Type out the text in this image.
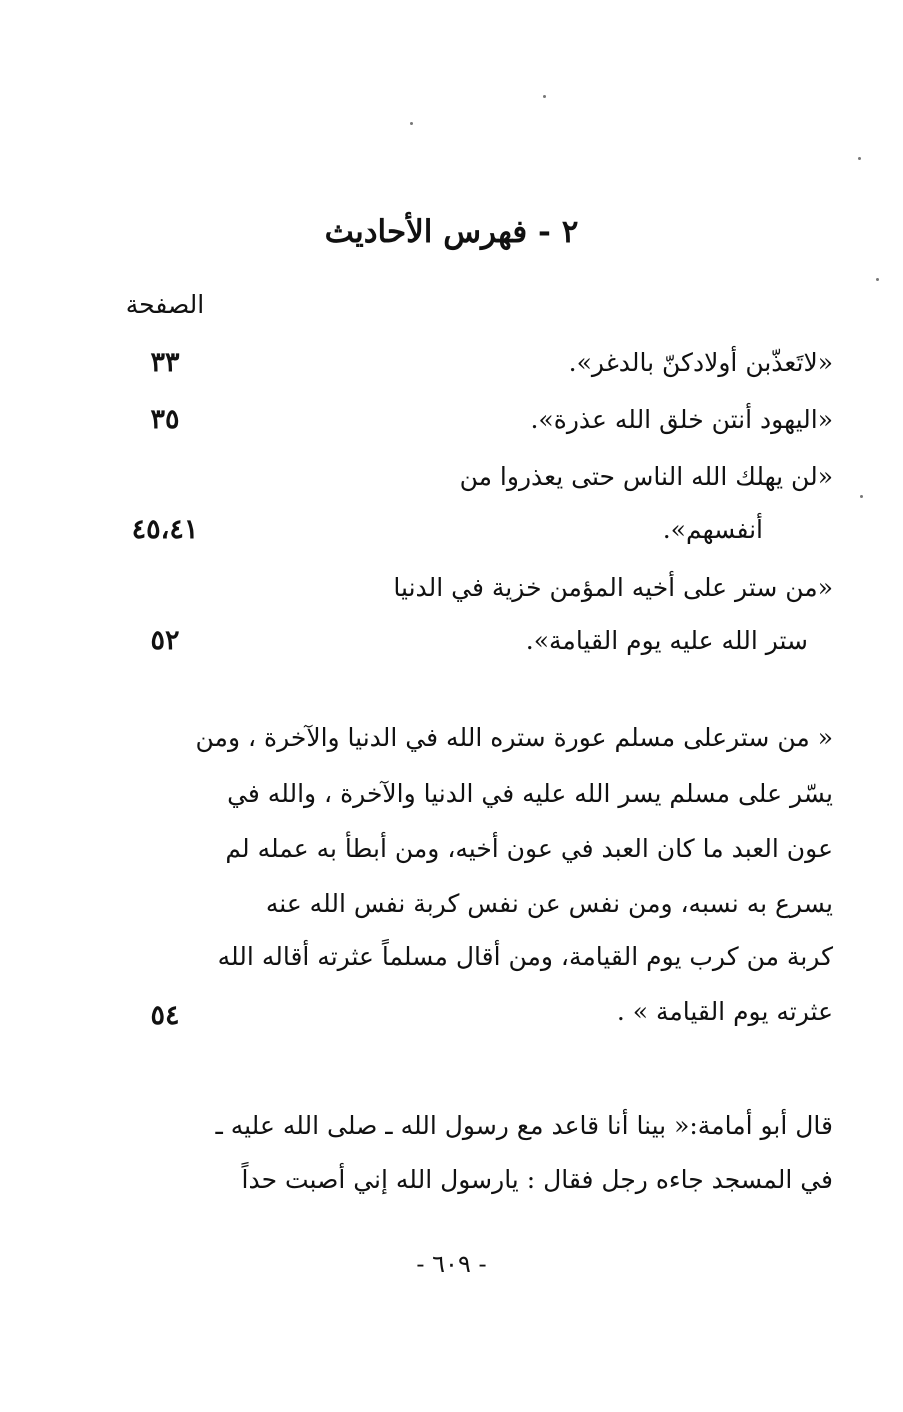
٢ - فهرس الأحاديث
الصفحة
«لاتَعذّبن أولادكنّ بالدغر».
٣٣
«اليهود أنتن خلق الله عذرة».
٣٥
«لن يهلك الله الناس حتى يعذروا من
أنفسهم».
٤٥،٤١
«من ستر على أخيه المؤمن خزية في الدنيا
ستر الله عليه يوم القيامة».
٥٢
« من سترعلى مسلم عورة ستره الله في الدنيا والآخرة ، ومن
يسّر على مسلم يسر الله عليه في الدنيا والآخرة ، والله في
عون العبد ما كان العبد في عون أخيه، ومن أبطأ به عمله لم
يسرع به نسبه، ومن نفس عن نفس كربة نفس الله عنه
كربة من كرب يوم القيامة، ومن أقال مسلماً عثرته أقاله الله
عثرته يوم القيامة » .
٥٤
قال أبو أمامة:« بينا أنا قاعد مع رسول الله ـ صلى الله عليه ـ
في المسجد جاءه رجل فقال : يارسول الله إني أصبت حداً
- ٦٠٩ -
